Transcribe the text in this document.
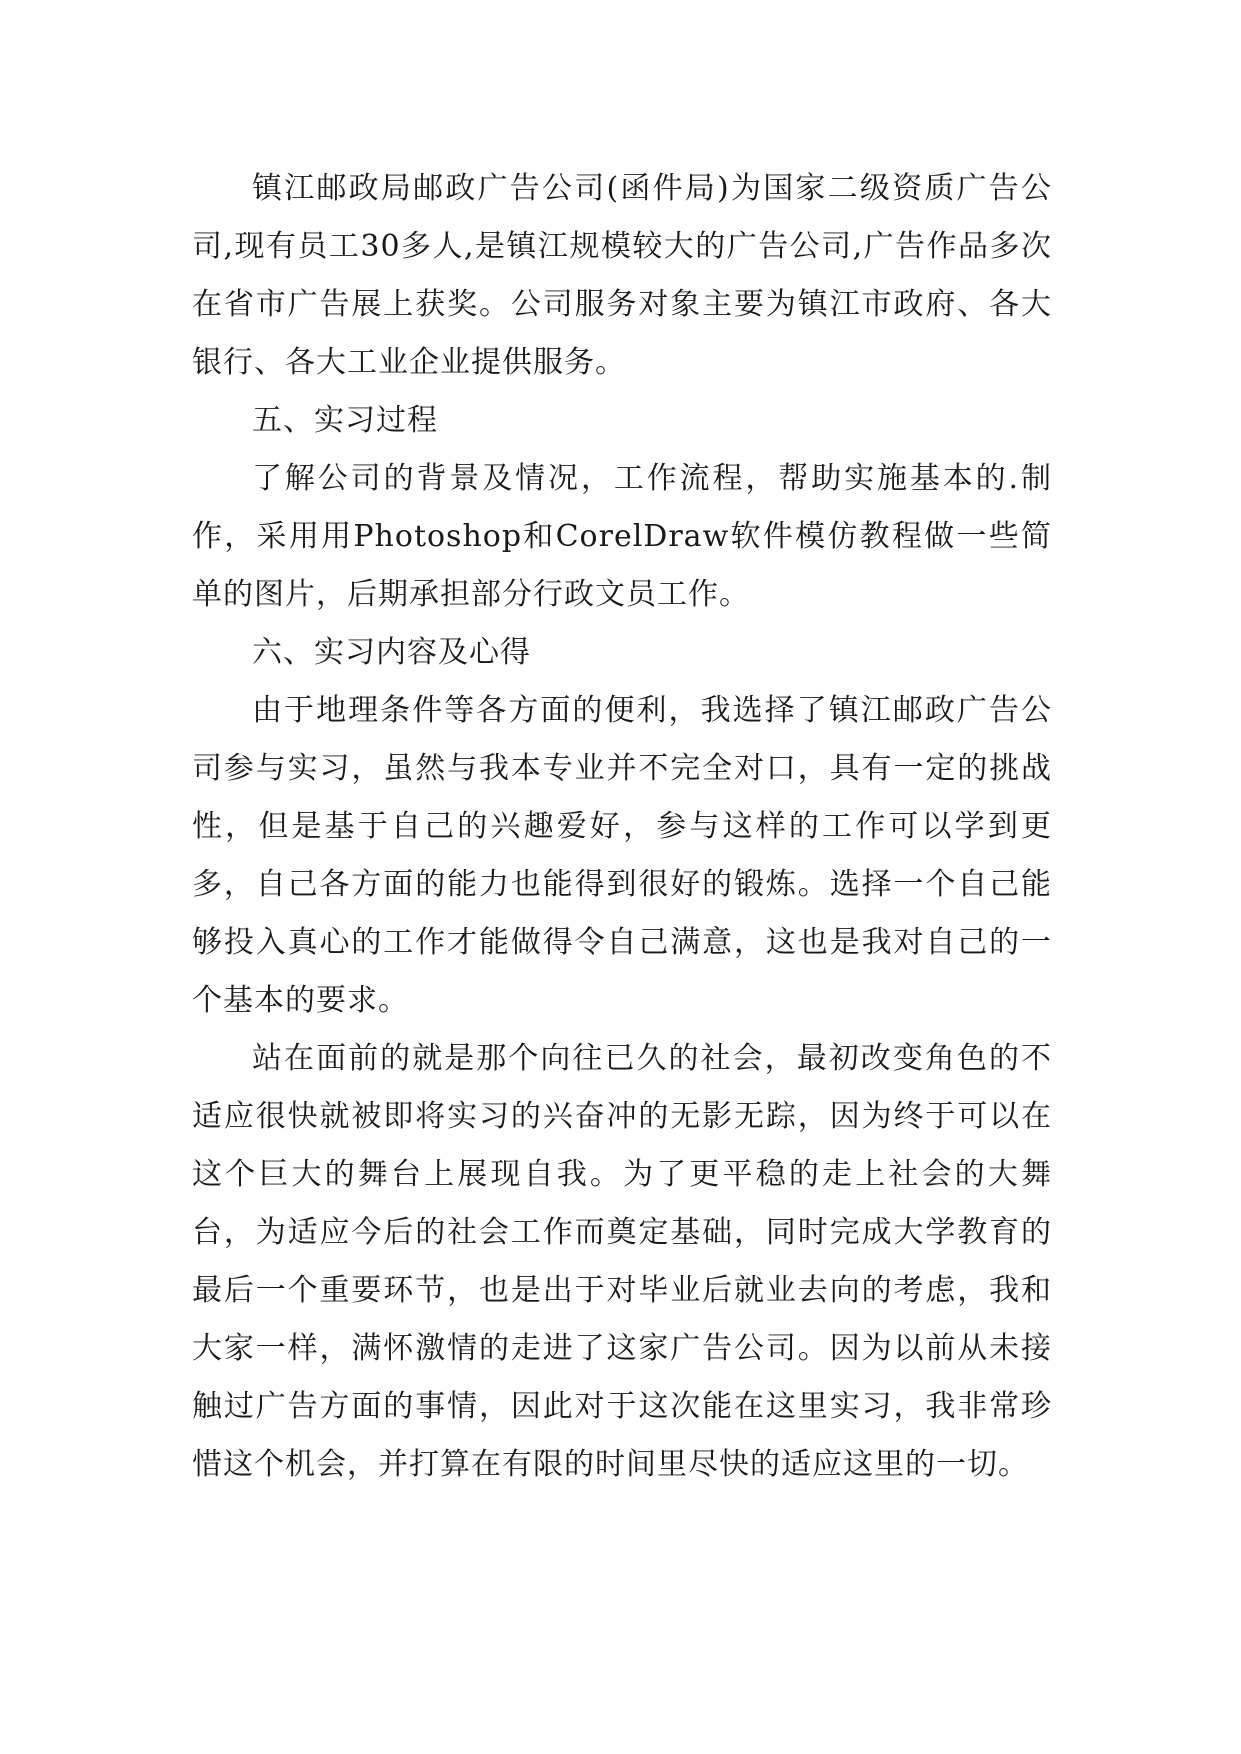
镇江邮政局邮政广告公司(函件局)为国家二级资质广告公司,现有员工30多人,是镇江规模较大的广告公司,广告作品多次在省市广告展上获奖。公司服务对象主要为镇江市政府、各大银行、各大工业企业提供服务。

五、实习过程

了解公司的背景及情况，工作流程，帮助实施基本的.制作，采用用Photoshop和CorelDraw软件模仿教程做一些简单的图片，后期承担部分行政文员工作。

六、实习内容及心得

由于地理条件等各方面的便利，我选择了镇江邮政广告公司参与实习，虽然与我本专业并不完全对口，具有一定的挑战性，但是基于自己的兴趣爱好，参与这样的工作可以学到更多，自己各方面的能力也能得到很好的锻炼。选择一个自己能够投入真心的工作才能做得令自己满意，这也是我对自己的一个基本的要求。

站在面前的就是那个向往已久的社会，最初改变角色的不适应很快就被即将实习的兴奋冲的无影无踪，因为终于可以在这个巨大的舞台上展现自我。为了更平稳的走上社会的大舞台，为适应今后的社会工作而奠定基础，同时完成大学教育的最后一个重要环节，也是出于对毕业后就业去向的考虑，我和大家一样，满怀激情的走进了这家广告公司。因为以前从未接触过广告方面的事情，因此对于这次能在这里实习，我非常珍惜这个机会，并打算在有限的时间里尽快的适应这里的一切。
